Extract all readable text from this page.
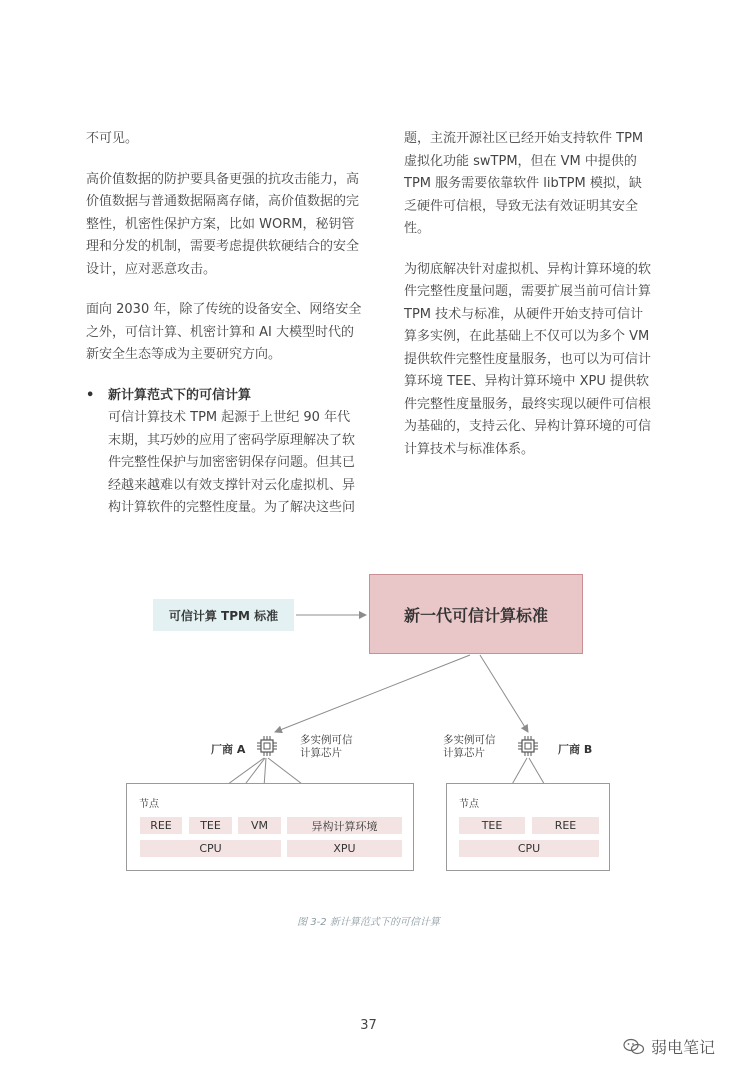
不可见。

高价值数据的防护要具备更强的抗攻击能力，高价值数据与普通数据隔离存储，高价值数据的完整性，机密性保护方案，比如 WORM，秘钥管理和分发的机制，需要考虑提供软硬结合的安全设计，应对恶意攻击。

面向 2030 年，除了传统的设备安全、网络安全之外，可信计算、机密计算和 AI 大模型时代的新安全生态等成为主要研究方向。

• 新计算范式下的可信计算
可信计算技术 TPM 起源于上世纪 90 年代末期，其巧妙的应用了密码学原理解决了软件完整性保护与加密密钥保存问题。但其已经越来越难以有效支撑针对云化虚拟机、异构计算软件的完整性度量。为了解决这些问

题，主流开源社区已经开始支持软件 TPM 虚拟化功能 swTPM，但在 VM 中提供的 TPM 服务需要依靠软件 libTPM 模拟，缺乏硬件可信根，导致无法有效证明其安全性。

为彻底解决针对虚拟机、异构计算环境的软件完整性度量问题，需要扩展当前可信计算 TPM 技术与标准，从硬件开始支持可信计算多实例，在此基础上不仅可以为多个 VM 提供软件完整性度量服务，也可以为可信计算环境 TEE、异构计算环境中 XPU 提供软件完整性度量服务，最终实现以硬件可信根为基础的，支持云化、异构计算环境的可信计算技术与标准体系。

可信计算 TPM 标准	新一代可信计算标准
厂商 A
多实例可信
计算芯片
节点
REE	TEE	VM	异构计算环境
CPU	XPU
多实例可信
计算芯片	厂商 B
节点
TEE	REE
CPU
图 3-2 新计算范式下的可信计算
37
弱电笔记
